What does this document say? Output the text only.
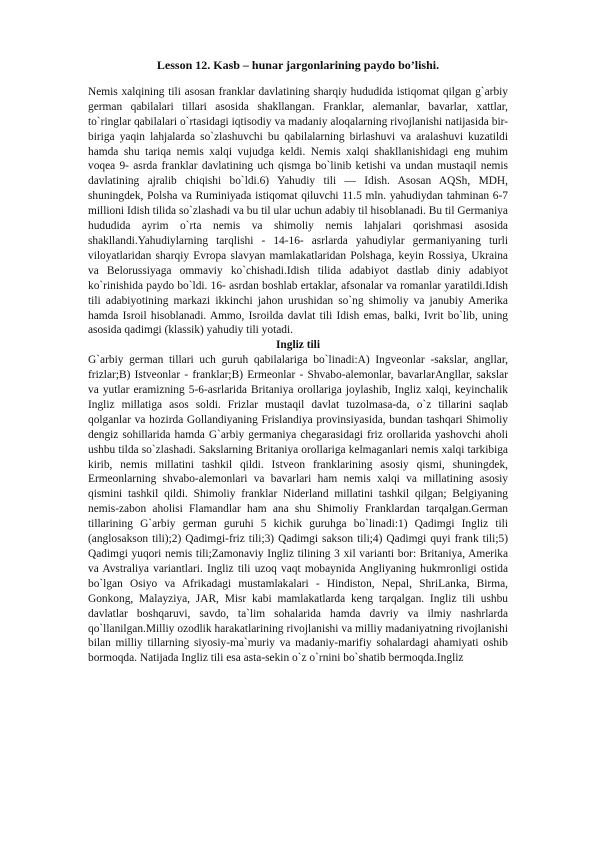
Lesson 12. Kasb – hunar jargonlarining paydo bo’lishi.

Nemis xalqining tili asosan franklar davlatining sharqiy hududida istiqomat qilgan g`arbiy german qabilalari tillari asosida shakllangan. Franklar, alemanlar, bavarlar, xattlar, to`ringlar qabilalari o`rtasidagi iqtisodiy va madaniy aloqalarning rivojlanishi natijasida bir-biriga yaqin lahjalarda so`zlashuvchi bu qabilalarning birlashuvi va aralashuvi kuzatildi hamda shu tariqa nemis xalqi vujudga keldi. Nemis xalqi shakllanishidagi eng muhim voqea 9- asrda franklar davlatining uch qismga bo`linib ketishi va undan mustaqil nemis davlatining ajralib chiqishi bo`ldi.6) Yahudiy tili — Idish. Asosan AQSh, MDH, shuningdek, Polsha va Ruminiyada istiqomat qiluvchi 11.5 mln. yahudiydan tahminan 6-7 millioni Idish tilida so`zlashadi va bu til ular uchun adabiy til hisoblanadi. Bu til Germaniya hududida ayrim o`rta nemis va shimoliy nemis lahjalari qorishmasi asosida shakllandi.Yahudiylarning tarqlishi - 14-16- asrlarda yahudiylar germaniyaning turli viloyatlaridan sharqiy Evropa slavyan mamlakatlaridan Polshaga, keyin Rossiya, Ukraina va Belorussiyaga ommaviy ko`chishadi.Idish tilida adabiyot dastlab diniy adabiyot ko`rinishida paydo bo`ldi. 16- asrdan boshlab ertaklar, afsonalar va romanlar yaratildi.Idish tili adabiyotining markazi ikkinchi jahon urushidan so`ng shimoliy va janubiy Amerika hamda Isroil hisoblanadi. Ammo, Isroilda davlat tili Idish emas, balki, Ivrit bo`lib, uning asosida qadimgi (klassik) yahudiy tili yotadi.

Ingliz tili

G`arbiy german tillari uch guruh qabilalariga bo`linadi:A) Ingveonlar -sakslar, angllar, frizlar;B) Istveonlar - franklar;B) Ermeonlar - Shvabo-alemonlar, bavarlarAngllar, sakslar va yutlar eramizning 5-6-asrlarida Britaniya orollariga joylashib, Ingliz xalqi, keyinchalik Ingliz millatiga asos soldi. Frizlar mustaqil davlat tuzolmasa-da, o`z tillarini saqlab qolganlar va hozirda Gollandiyaning Frislandiya provinsiyasida, bundan tashqari Shimoliy dengiz sohillarida hamda G`arbiy germaniya chegarasidagi friz orollarida yashovchi aholi ushbu tilda so`zlashadi. Sakslarning Britaniya orollariga kelmaganlari nemis xalqi tarkibiga kirib, nemis millatini tashkil qildi. Istveon franklarining asosiy qismi, shuningdek, Ermeonlarning shvabo-alemonlari va bavarlari ham nemis xalqi va millatining asosiy qismini tashkil qildi. Shimoliy franklar Niderland millatini tashkil qilgan; Belgiyaning nemis-zabon aholisi Flamandlar ham ana shu Shimoliy Franklardan tarqalgan.German tillarining G`arbiy german guruhi 5 kichik guruhga bo`linadi:1) Qadimgi Ingliz tili (anglosakson tili);2) Qadimgi-friz tili;3) Qadimgi sakson tili;4) Qadimgi quyi frank tili;5) Qadimgi yuqori nemis tili;Zamonaviy Ingliz tilining 3 xil varianti bor: Britaniya, Amerika va Avstraliya variantlari. Ingliz tili uzoq vaqt mobaynida Angliyaning hukmronligi ostida bo`lgan Osiyo va Afrikadagi mustamlakalari - Hindiston, Nepal, ShriLanka, Birma, Gonkong, Malayziya, JAR, Misr kabi mamlakatlarda keng tarqalgan. Ingliz tili ushbu davlatlar boshqaruvi, savdo, ta`lim sohalarida hamda davriy va ilmiy nashrlarda qo`llanilgan.Milliy ozodlik harakatlarining rivojlanishi va milliy madaniyatning rivojlanishi bilan milliy tillarning siyosiy-ma`muriy va madaniy-marifiy sohalardagi ahamiyati oshib bormoqda. Natijada Ingliz tili esa asta-sekin o`z o`rnini bo`shatib bermoqda.Ingliz
